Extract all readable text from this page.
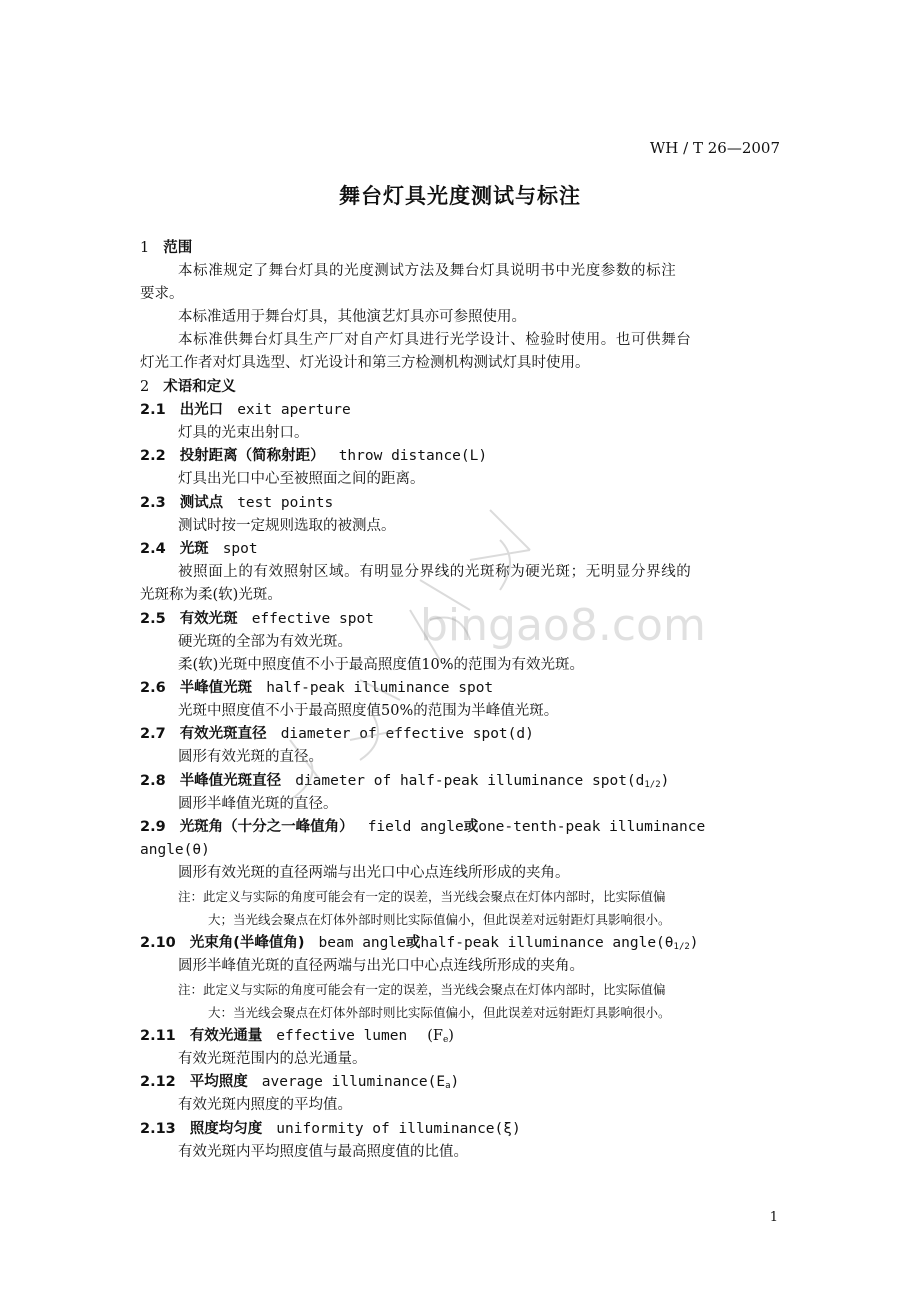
WH / T 26—2007
舞台灯具光度测试与标注
1 范围
本标准规定了舞台灯具的光度测试方法及舞台灯具说明书中光度参数的标注
要求。
本标准适用于舞台灯具，其他演艺灯具亦可参照使用。
本标准供舞台灯具生产厂对自产灯具进行光学设计、检验时使用。也可供舞台
灯光工作者对灯具选型、灯光设计和第三方检测机构测试灯具时使用。
2 术语和定义
2.1 出光口 exit aperture
灯具的光束出射口。
2.2 投射距离（简称射距） throw distance(L)
灯具出光口中心至被照面之间的距离。
2.3 测试点 test points
测试时按一定规则选取的被测点。
2.4 光斑 spot
被照面上的有效照射区域。有明显分界线的光斑称为硬光斑；无明显分界线的
光斑称为柔(软)光斑。
2.5 有效光斑 effective spot
硬光斑的全部为有效光斑。
柔(软)光斑中照度值不小于最高照度值10%的范围为有效光斑。
2.6 半峰值光斑 half-peak illuminance spot
光斑中照度值不小于最高照度值50%的范围为半峰值光斑。
2.7 有效光斑直径 diameter of effective spot(d)
圆形有效光斑的直径。
2.8 半峰值光斑直径 diameter of half-peak illuminance $spot(d_{1/2})$
圆形半峰值光斑的直径。
2.9 光斑角（十分之一峰值角） field angle或one-tenth-peak illuminance
angle(θ)
圆形有效光斑的直径两端与出光口中心点连线所形成的夹角。
注：此定义与实际的角度可能会有一定的误差，当光线会聚点在灯体内部时，比实际值偏
大；当光线会聚点在灯体外部时则比实际值偏小，但此误差对远射距灯具影响很小。
2.10 光束角(半峰值角) beam angle或half-peak illuminance $angle(\theta_{1/2})$
圆形半峰值光斑的直径两端与出光口中心点连线所形成的夹角。
注：此定义与实际的角度可能会有一定的误差，当光线会聚点在灯体内部时，比实际值偏
大：当光线会聚点在灯体外部时则比实际值偏小，但此误差对远射距灯具影响很小。
2.11 有效光通量 effective lumen $(F_e)$
有效光斑范围内的总光通量。
2.12 平均照度 average $illuminance(E_a)$
有效光斑内照度的平均值。
2.13 照度均匀度 uniformity of illuminance(ξ)
有效光斑内平均照度值与最高照度值的比值。
1
bingao8.com
